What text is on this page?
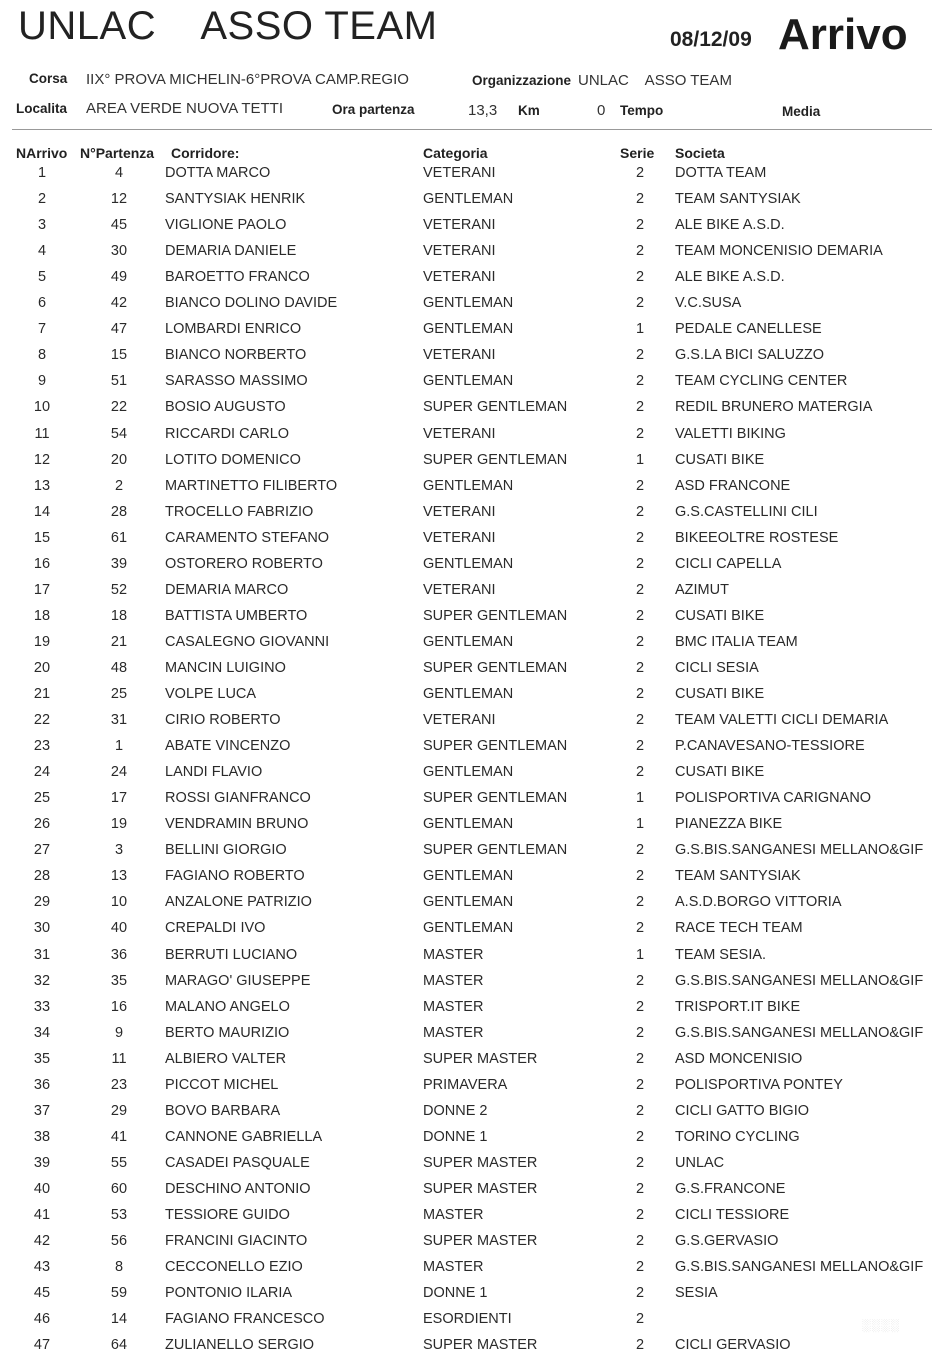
UNLAC    ASSO TEAM	08/12/09 Arrivo
Corsa IIX° PROVA MICHELIN-6°PROVA CAMP.REGIO	Organizzazione UNLAC    ASSO TEAM
Localita AREA VERDE NUOVA TETTI	Ora partenza	13,3 Km	0 Tempo	Media
NArrivo N°Partenza Corridore:	Categoria	Serie Societa
1	4	DOTTA MARCO	VETERANI	2	DOTTA TEAM
2	12	SANTYSIAK HENRIK	GENTLEMAN	2	TEAM SANTYSIAK
3	45	VIGLIONE PAOLO	VETERANI	2	ALE BIKE A.S.D.
4	30	DEMARIA DANIELE	VETERANI	2	TEAM MONCENISIO DEMARIA
5	49	BAROETTO FRANCO	VETERANI	2	ALE BIKE A.S.D.
6	42	BIANCO DOLINO DAVIDE	GENTLEMAN	2	V.C.SUSA
7	47	LOMBARDI ENRICO	GENTLEMAN	1	PEDALE CANELLESE
8	15	BIANCO NORBERTO	VETERANI	2	G.S.LA BICI SALUZZO
9	51	SARASSO MASSIMO	GENTLEMAN	2	TEAM CYCLING CENTER
10	22	BOSIO AUGUSTO	SUPER GENTLEMAN	2	REDIL BRUNERO MATERGIA
11	54	RICCARDI CARLO	VETERANI	2	VALETTI BIKING
12	20	LOTITO DOMENICO	SUPER GENTLEMAN	1	CUSATI BIKE
13	2	MARTINETTO FILIBERTO	GENTLEMAN	2	ASD FRANCONE
14	28	TROCELLO FABRIZIO	VETERANI	2	G.S.CASTELLINI CILI
15	61	CARAMENTO STEFANO	VETERANI	2	BIKEEOLTRE ROSTESE
16	39	OSTORERO ROBERTO	GENTLEMAN	2	CICLI CAPELLA
17	52	DEMARIA MARCO	VETERANI	2	AZIMUT
18	18	BATTISTA UMBERTO	SUPER GENTLEMAN	2	CUSATI BIKE
19	21	CASALEGNO GIOVANNI	GENTLEMAN	2	BMC ITALIA TEAM
20	48	MANCIN LUIGINO	SUPER GENTLEMAN	2	CICLI SESIA
21	25	VOLPE LUCA	GENTLEMAN	2	CUSATI BIKE
22	31	CIRIO ROBERTO	VETERANI	2	TEAM VALETTI CICLI DEMARIA
23	1	ABATE VINCENZO	SUPER GENTLEMAN	2	P.CANAVESANO-TESSIORE
24	24	LANDI FLAVIO	GENTLEMAN	2	CUSATI BIKE
25	17	ROSSI GIANFRANCO	SUPER GENTLEMAN	1	POLISPORTIVA CARIGNANO
26	19	VENDRAMIN BRUNO	GENTLEMAN	1	PIANEZZA BIKE
27	3	BELLINI GIORGIO	SUPER GENTLEMAN	2	G.S.BIS.SANGANESI MELLANO&GIF
28	13	FAGIANO ROBERTO	GENTLEMAN	2	TEAM SANTYSIAK
29	10	ANZALONE PATRIZIO	GENTLEMAN	2	A.S.D.BORGO VITTORIA
30	40	CREPALDI IVO	GENTLEMAN	2	RACE TECH TEAM
31	36	BERRUTI LUCIANO	MASTER	1	TEAM SESIA.
32	35	MARAGO' GIUSEPPE	MASTER	2	G.S.BIS.SANGANESI MELLANO&GIF
33	16	MALANO ANGELO	MASTER	2	TRISPORT.IT BIKE
34	9	BERTO MAURIZIO	MASTER	2	G.S.BIS.SANGANESI MELLANO&GIF
35	11	ALBIERO VALTER	SUPER MASTER	2	ASD MONCENISIO
36	23	PICCOT MICHEL	PRIMAVERA	2	POLISPORTIVA PONTEY
37	29	BOVO BARBARA	DONNE 2	2	CICLI GATTO BIGIO
38	41	CANNONE GABRIELLA	DONNE 1	2	TORINO CYCLING
39	55	CASADEI PASQUALE	SUPER MASTER	2	UNLAC
40	60	DESCHINO ANTONIO	SUPER MASTER	2	G.S.FRANCONE
41	53	TESSIORE GUIDO	MASTER	2	CICLI TESSIORE
42	56	FRANCINI GIACINTO	SUPER MASTER	2	G.S.GERVASIO
43	8	CECCONELLO EZIO	MASTER	2	G.S.BIS.SANGANESI MELLANO&GIF
45	59	PONTONIO ILARIA	DONNE 1	2	SESIA
46	14	FAGIANO FRANCESCO	ESORDIENTI	2
47	64	ZULIANELLO SERGIO	SUPER MASTER	2	CICLI GERVASIO
░░░░
